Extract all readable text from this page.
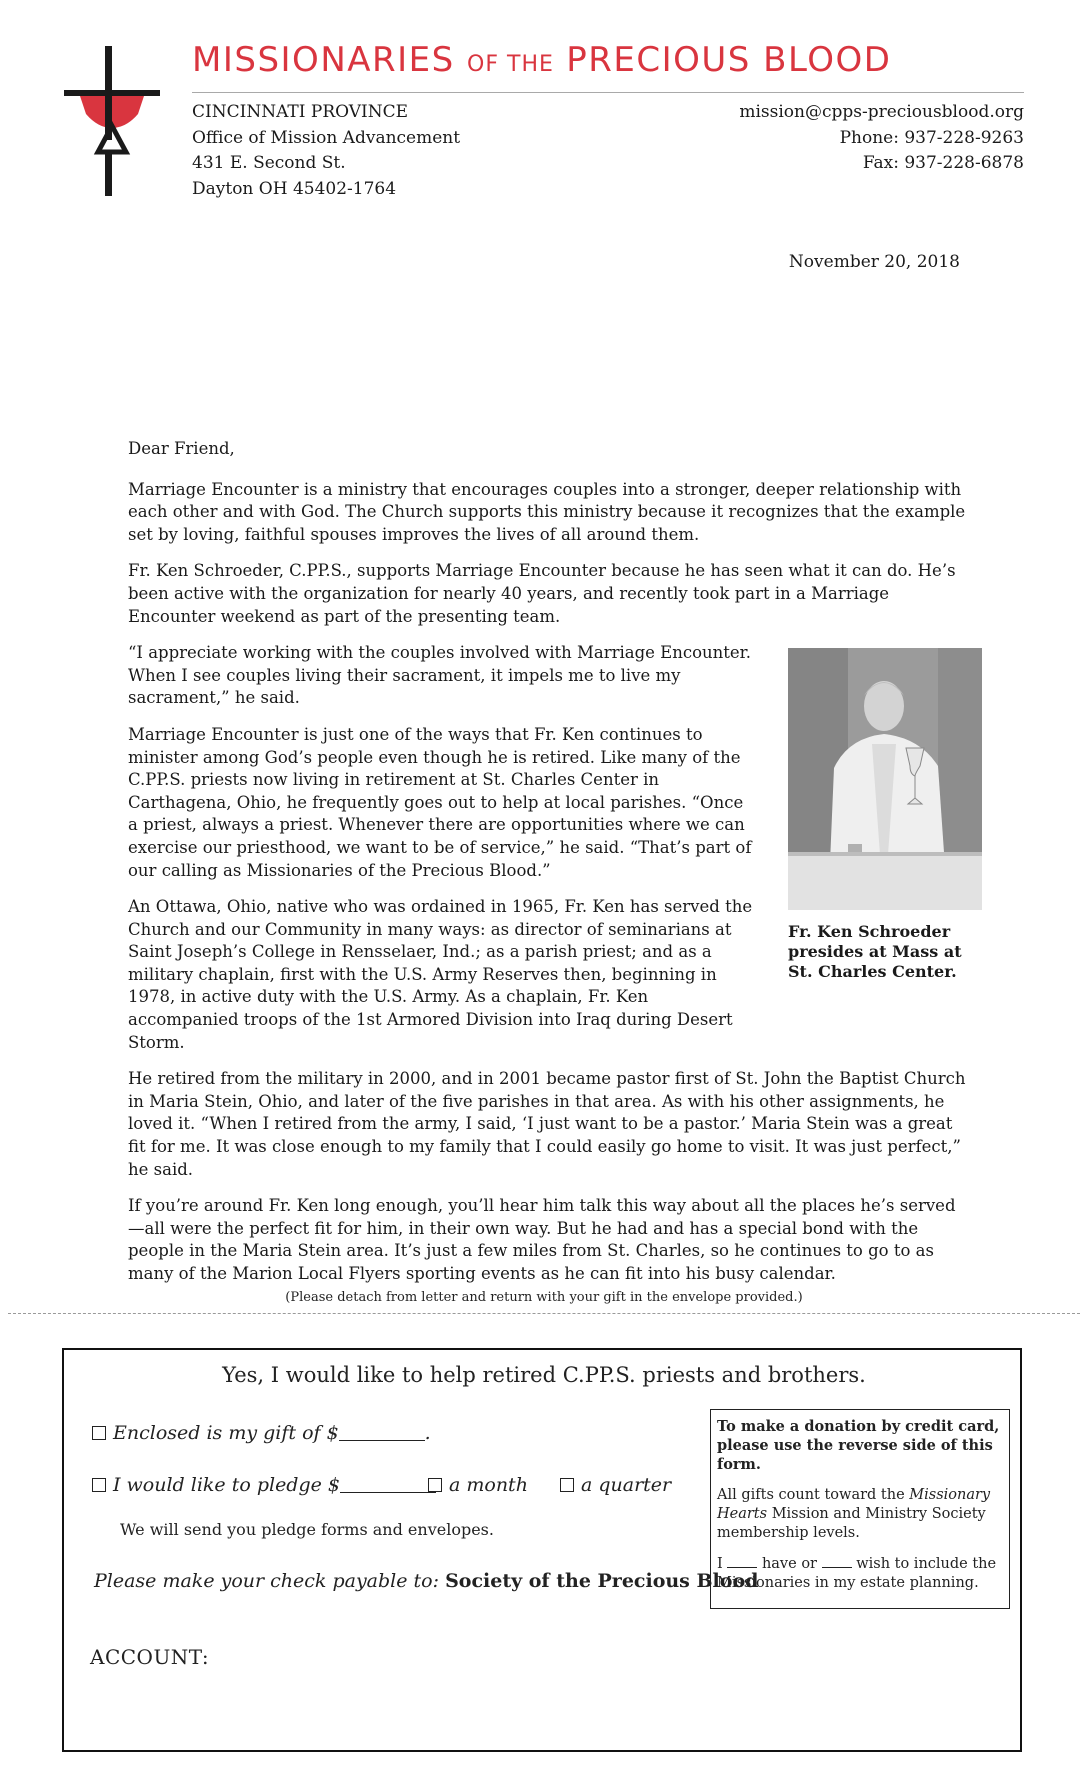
MISSIONARIES OF THE PRECIOUS BLOOD
CINCINNATI PROVINCE
Office of Mission Advancement
431 E. Second St.
Dayton OH 45402-1764
mission@cpps-preciousblood.org
Phone: 937-228-9263
Fax: 937-228-6878
November 20, 2018

Dear Friend,

Marriage Encounter is a ministry that encourages couples into a stronger, deeper relationship with each other and with God. The Church supports this ministry because it recognizes that the example set by loving, faithful spouses improves the lives of all around them.

Fr. Ken Schroeder, C.PP.S., supports Marriage Encounter because he has seen what it can do. He’s been active with the organization for nearly 40 years, and recently took part in a Marriage Encounter weekend as part of the presenting team.

“I appreciate working with the couples involved with Marriage Encounter. When I see couples living their sacrament, it impels me to live my sacrament,” he said.

Marriage Encounter is just one of the ways that Fr. Ken continues to minister among God’s people even though he is retired. Like many of the C.PP.S. priests now living in retirement at St. Charles Center in Carthagena, Ohio, he frequently goes out to help at local parishes. “Once a priest, always a priest. Whenever there are opportunities where we can exercise our priesthood, we want to be of service,” he said. “That’s part of our calling as Missionaries of the Precious Blood.”

An Ottawa, Ohio, native who was ordained in 1965, Fr. Ken has served the Church and our Community in many ways: as director of seminarians at Saint Joseph’s College in Rensselaer, Ind.; as a parish priest; and as a military chaplain, first with the U.S. Army Reserves then, beginning in 1978, in active duty with the U.S. Army. As a chaplain, Fr. Ken accompanied troops of the 1st Armored Division into Iraq during Desert Storm.

He retired from the military in 2000, and in 2001 became pastor first of St. John the Baptist Church in Maria Stein, Ohio, and later of the five parishes in that area. As with his other assignments, he loved it. “When I retired from the army, I said, ‘I just want to be a pastor.’ Maria Stein was a great fit for me. It was close enough to my family that I could easily go home to visit. It was just perfect,” he said.

If you’re around Fr. Ken long enough, you’ll hear him talk this way about all the places he’s served—all were the perfect fit for him, in their own way. But he had and has a special bond with the people in the Maria Stein area. It’s just a few miles from St. Charles, so he continues to go to as many of the Marion Local Flyers sporting events as he can fit into his busy calendar.

Fr. Ken Schroeder presides at Mass at St. Charles Center.
(Please detach from letter and return with your gift in the envelope provided.)
Yes, I would like to help retired C.PP.S. priests and brothers.
Enclosed is my gift of $	.
I would like to pledge $	a month	a quarter
We will send you pledge forms and envelopes.
Please make your check payable to: Society of the Precious Blood
ACCOUNT:

To make a donation by credit card, please use the reverse side of this form.

All gifts count toward the Missionary Hearts Mission and Ministry Society membership levels.

I	have or	wish to include the Missionaries in my estate planning.
